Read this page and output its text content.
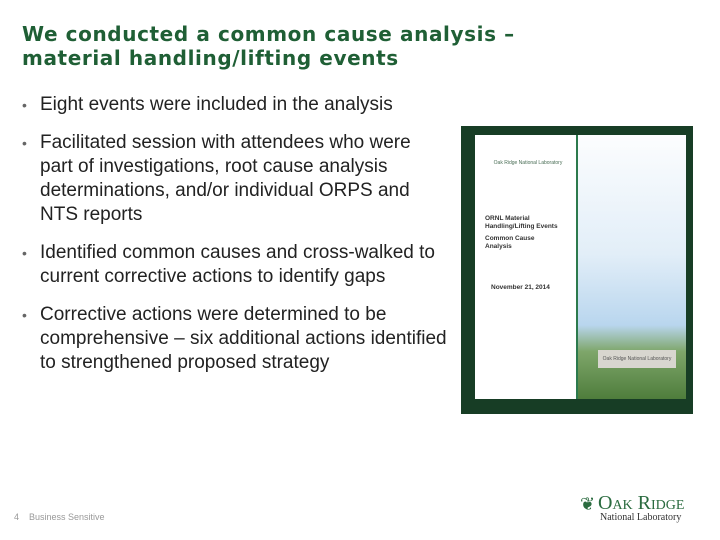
We conducted a common cause analysis –
material handling/lifting events
• Eight events were included in the analysis
• Facilitated session with attendees who were part of investigations, root cause analysis determinations, and/or individual ORPS and NTS reports
• Identified common causes and cross-walked to current corrective actions to identify gaps
• Corrective actions were determined to be comprehensive – six additional actions identified to strengthened proposed strategy
Oak Ridge National Laboratory
ORNL Material Handling/Lifting Events
Common Cause Analysis
November 21, 2014
Oak Ridge National Laboratory
4 Business Sensitive
❦ Oak Ridge
National Laboratory
